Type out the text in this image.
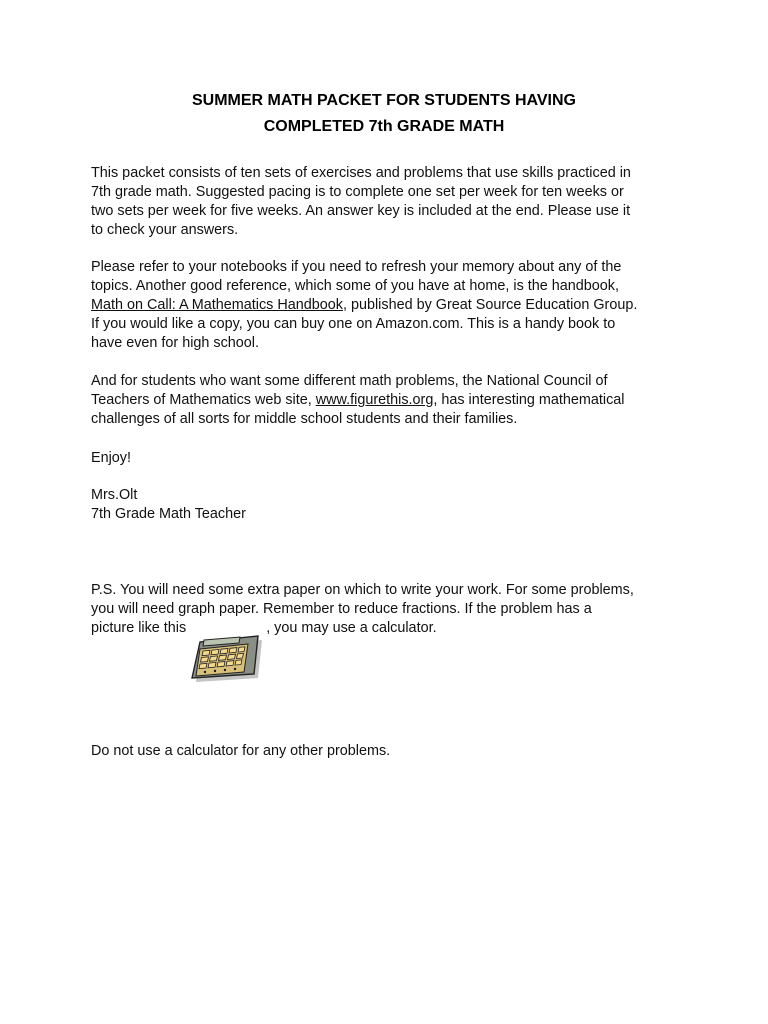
SUMMER MATH PACKET FOR STUDENTS HAVING
COMPLETED 7th GRADE MATH
This packet consists of ten sets of exercises and problems that use skills practiced in
7th grade math. Suggested pacing is to complete one set per week for ten weeks or
two sets per week for five weeks. An answer key is included at the end. Please use it
to check your answers.
Please refer to your notebooks if you need to refresh your memory about any of the
topics. Another good reference, which some of you have at home, is the handbook,
Math on Call: A Mathematics Handbook, published by Great Source Education Group.
If you would like a copy, you can buy one on Amazon.com. This is a handy book to
have even for high school.
And for students who want some different math problems, the National Council of
Teachers of Mathematics web site, www.figurethis.org, has interesting mathematical
challenges of all sorts for middle school students and their families.
Enjoy!
Mrs.Olt
7th Grade Math Teacher
P.S. You will need some extra paper on which to write your work. For some problems,
you will need graph paper. Remember to reduce fractions. If the problem has a
picture like this	, you may use a calculator.
Do not use a calculator for any other problems.
